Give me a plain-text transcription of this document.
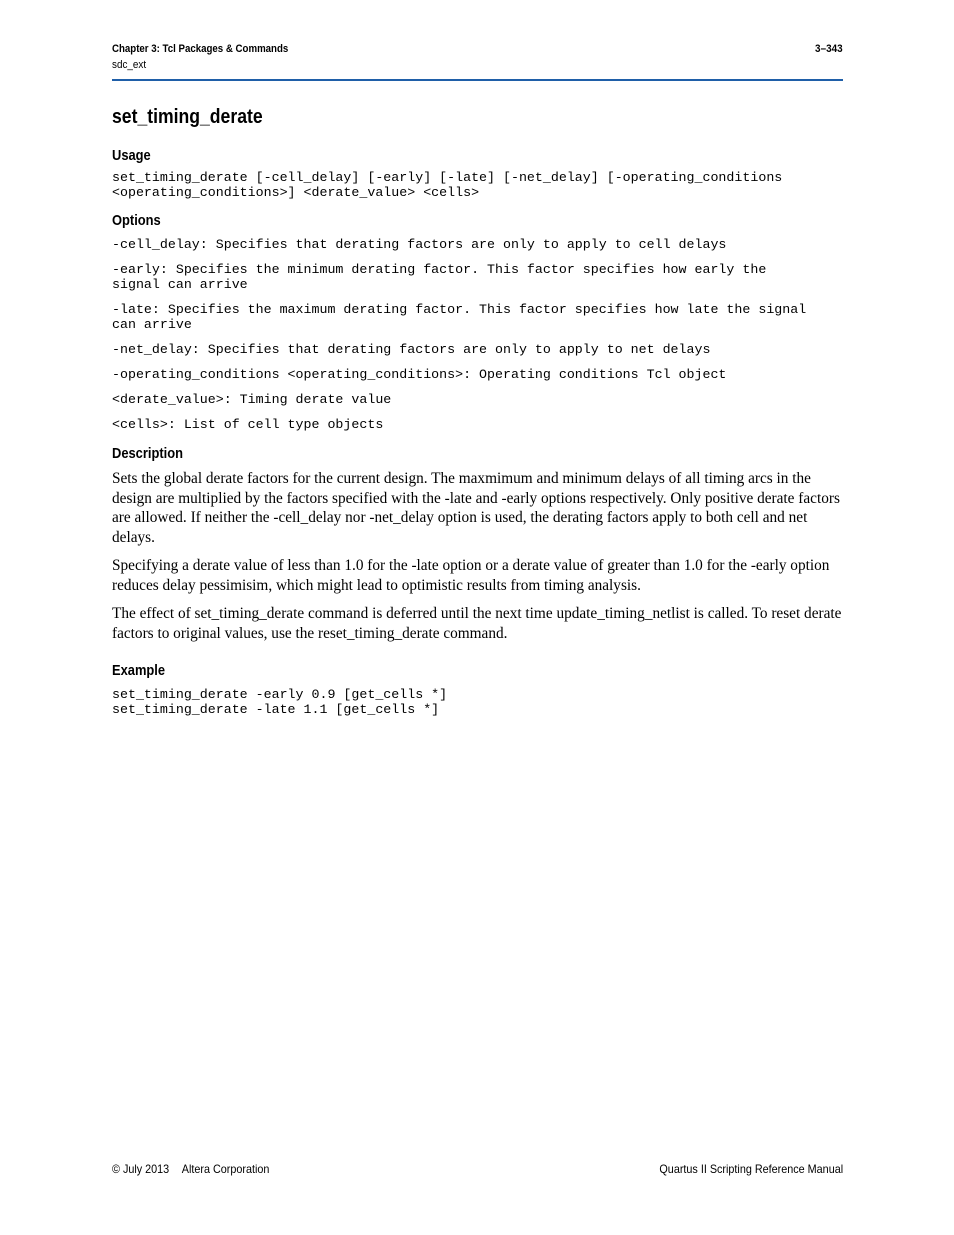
Chapter 3: Tcl Packages & Commands
sdc_ext
3–343
set_timing_derate
Usage
set_timing_derate [-cell_delay] [-early] [-late] [-net_delay] [-operating_conditions
<operating_conditions>] <derate_value> <cells>
Options
-cell_delay: Specifies that derating factors are only to apply to cell delays
-early: Specifies the minimum derating factor. This factor specifies how early the
signal can arrive
-late: Specifies the maximum derating factor. This factor specifies how late the signal
can arrive
-net_delay: Specifies that derating factors are only to apply to net delays
-operating_conditions <operating_conditions>: Operating conditions Tcl object
<derate_value>: Timing derate value
<cells>: List of cell type objects
Description

Sets the global derate factors for the current design. The maxmimum and minimum delays of all timing arcs in the design are multiplied by the factors specified with the -late and -early options respectively. Only positive derate factors are allowed. If neither the -cell_delay nor -net_delay option is used, the derating factors apply to both cell and net delays.

Specifying a derate value of less than 1.0 for the -late option or a derate value of greater than 1.0 for the -early option reduces delay pessimisim, which might lead to optimistic results from timing analysis.

The effect of set_timing_derate command is deferred until the next time update_timing_netlist is called. To reset derate factors to original values, use the reset_timing_derate command.

Example
set_timing_derate -early 0.9 [get_cells *]
set_timing_derate -late 1.1 [get_cells *]
© July 2013 Altera Corporation	Quartus II Scripting Reference Manual
